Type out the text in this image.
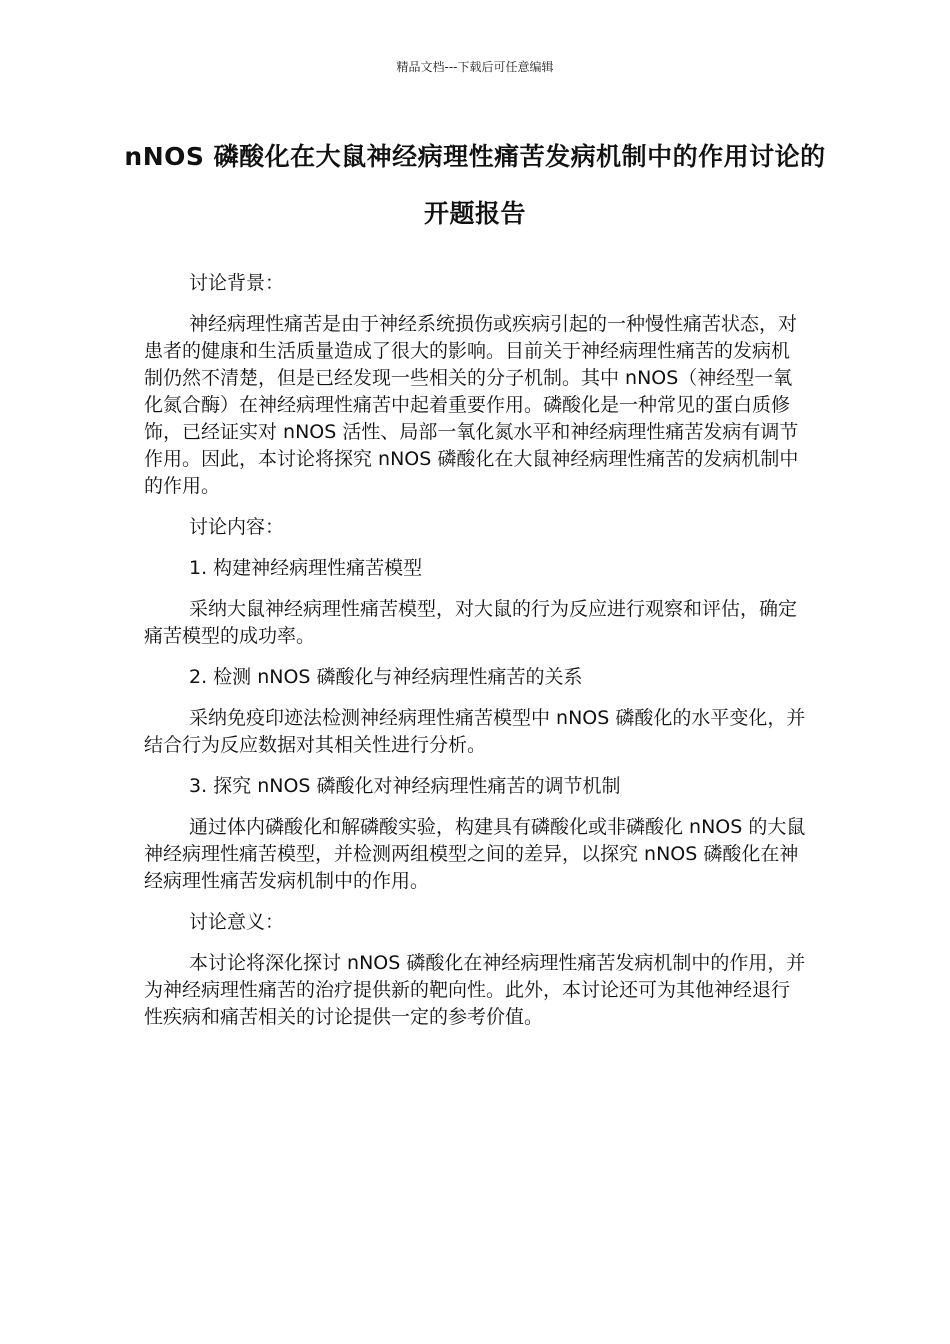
精品文档---下载后可任意编辑
nNOS 磷酸化在大鼠神经病理性痛苦发病机制中的作用讨论的开题报告

讨论背景：

神经病理性痛苦是由于神经系统损伤或疾病引起的一种慢性痛苦状态，对患者的健康和生活质量造成了很大的影响。目前关于神经病理性痛苦的发病机制仍然不清楚，但是已经发现一些相关的分子机制。其中 nNOS（神经型一氧化氮合酶）在神经病理性痛苦中起着重要作用。磷酸化是一种常见的蛋白质修饰，已经证实对 nNOS 活性、局部一氧化氮水平和神经病理性痛苦发病有调节作用。因此，本讨论将探究 nNOS 磷酸化在大鼠神经病理性痛苦的发病机制中的作用。

讨论内容：

1. 构建神经病理性痛苦模型

采纳大鼠神经病理性痛苦模型，对大鼠的行为反应进行观察和评估，确定痛苦模型的成功率。

2. 检测 nNOS 磷酸化与神经病理性痛苦的关系

采纳免疫印迹法检测神经病理性痛苦模型中 nNOS 磷酸化的水平变化，并结合行为反应数据对其相关性进行分析。

3. 探究 nNOS 磷酸化对神经病理性痛苦的调节机制

通过体内磷酸化和解磷酸实验，构建具有磷酸化或非磷酸化 nNOS 的大鼠神经病理性痛苦模型，并检测两组模型之间的差异，以探究 nNOS 磷酸化在神经病理性痛苦发病机制中的作用。

讨论意义：

本讨论将深化探讨 nNOS 磷酸化在神经病理性痛苦发病机制中的作用，并为神经病理性痛苦的治疗提供新的靶向性。此外，本讨论还可为其他神经退行性疾病和痛苦相关的讨论提供一定的参考价值。
